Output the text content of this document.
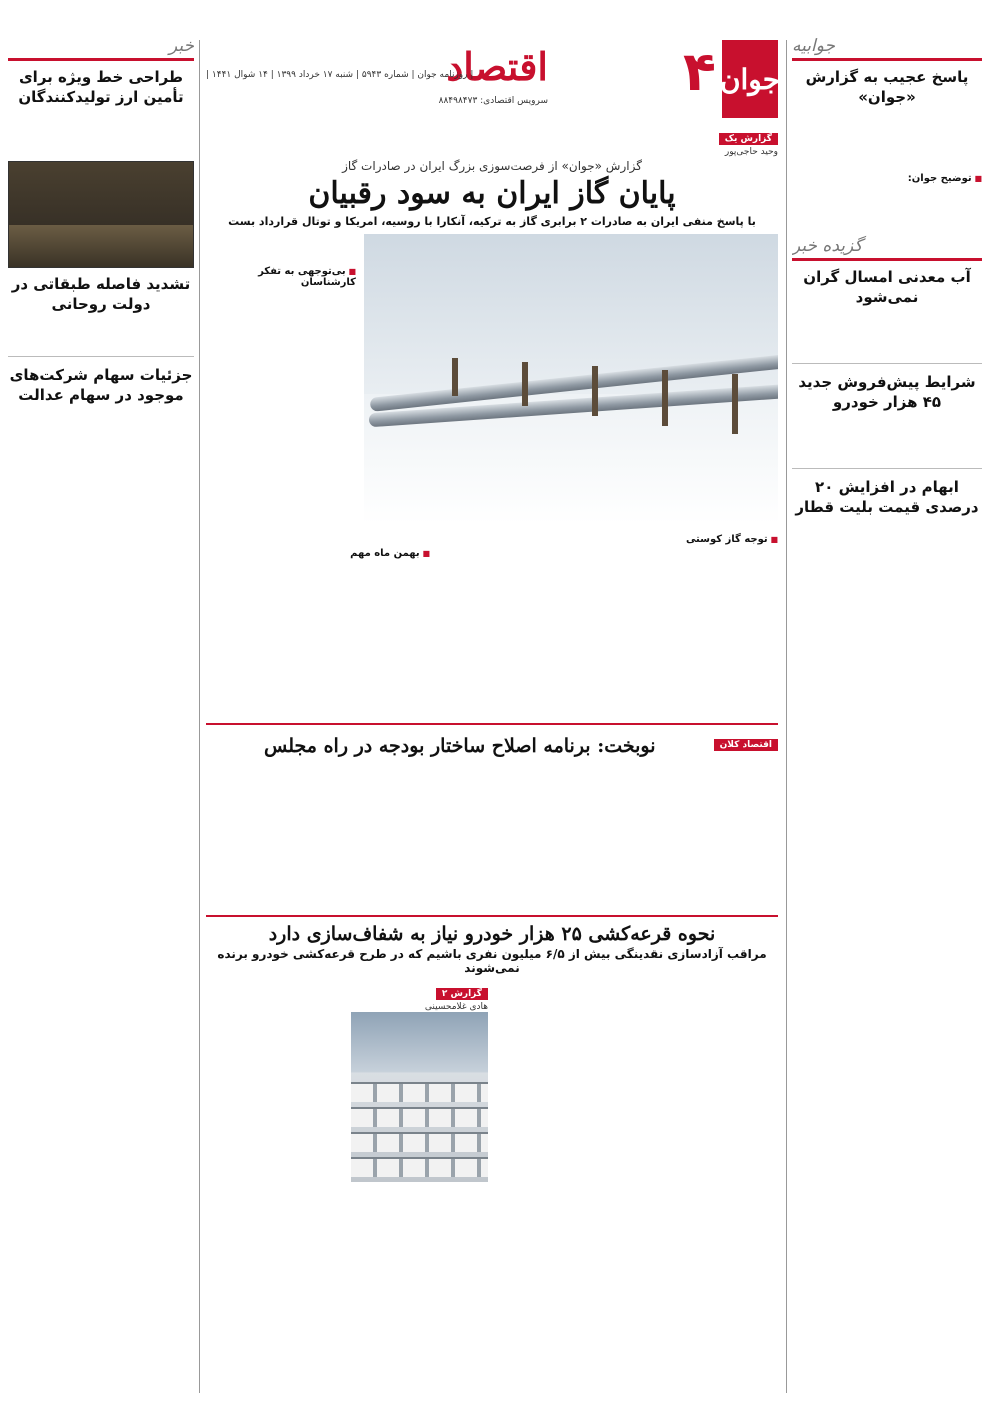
جوان
۴
اقتصاد
سرویس اقتصادی: ۸۸۴۹۸۴۷۳
| روزنامه جوان | شماره ۵۹۴۳ | شنبه ۱۷ خرداد ۱۳۹۹ | ۱۴ شوال ۱۴۴۱ |
جوابیه
پاسخ عجیب به گزارش «جوان»
■ توضیح جوان:
گزیده خبر
آب معدنی امسال گران نمی‌شود
شرایط پیش‌فروش جدید ۴۵ هزار خودرو
ابهام در افزایش ۲۰ درصدی قیمت بلیت قطار
خبر
طراحی خط ویژه برای تأمین ارز تولیدکنندگان
تشدید فاصله طبقاتی در دولت روحانی
جزئیات سهام شرکت‌های موجود در سهام عدالت
گزارش یک
وحید حاجی‌پور
گزارش «جوان» از فرصت‌سوزی بزرگ ایران در صادرات گاز
پایان گاز ایران به سود رقبیان
با پاسخ منفی ایران به صادرات ۲ برابری گاز به ترکیه، آنکارا با روسیه، امریکا و توتال قرارداد بست
■ بی‌توجهی به تفکر کارشناسان
■ توجه گاز کوستی
■ بهمن ماه مهم
اقتصاد کلان
نوبخت: برنامه اصلاح ساختار بودجه در راه مجلس
نحوه قرعه‌کشی ۲۵ هزار خودرو نیاز به شفاف‌سازی دارد
مراقب آزادسازی نقدینگی بیش از ۶/۵ میلیون نفری باشیم که در طرح قرعه‌کشی خودرو برنده نمی‌شوند
گزارش ۲
هادی غلامحسینی
